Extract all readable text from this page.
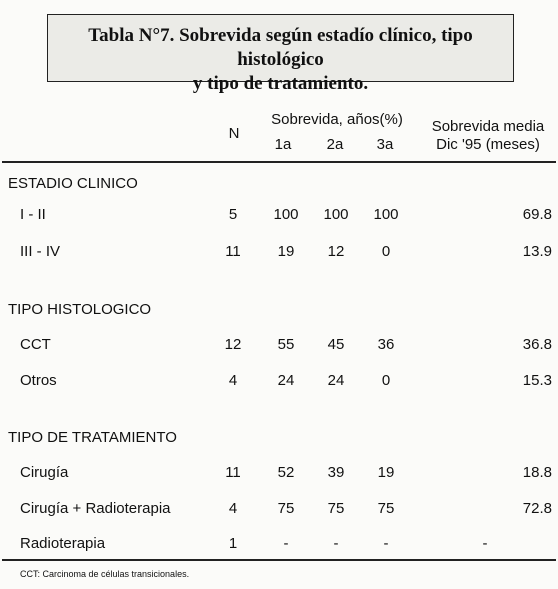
Tabla N°7. Sobrevida según estadío clínico, tipo histológico
y tipo de tratamiento.
N
Sobrevida, años(%)
1a	2a	3a
Sobrevida media
Dic '95 (meses)
ESTADIO CLINICO
I - II	5	100	100	100	69.8
III - IV	11	19	12	0	13.9
TIPO HISTOLOGICO
CCT	12	55	45	36	36.8
Otros	4	24	24	0	15.3
TIPO DE TRATAMIENTO
Cirugía	11	52	39	19	18.8
Cirugía + Radioterapia	4	75	75	75	72.8
Radioterapia	1	-	-	-	-
CCT: Carcinoma de células transicionales.
